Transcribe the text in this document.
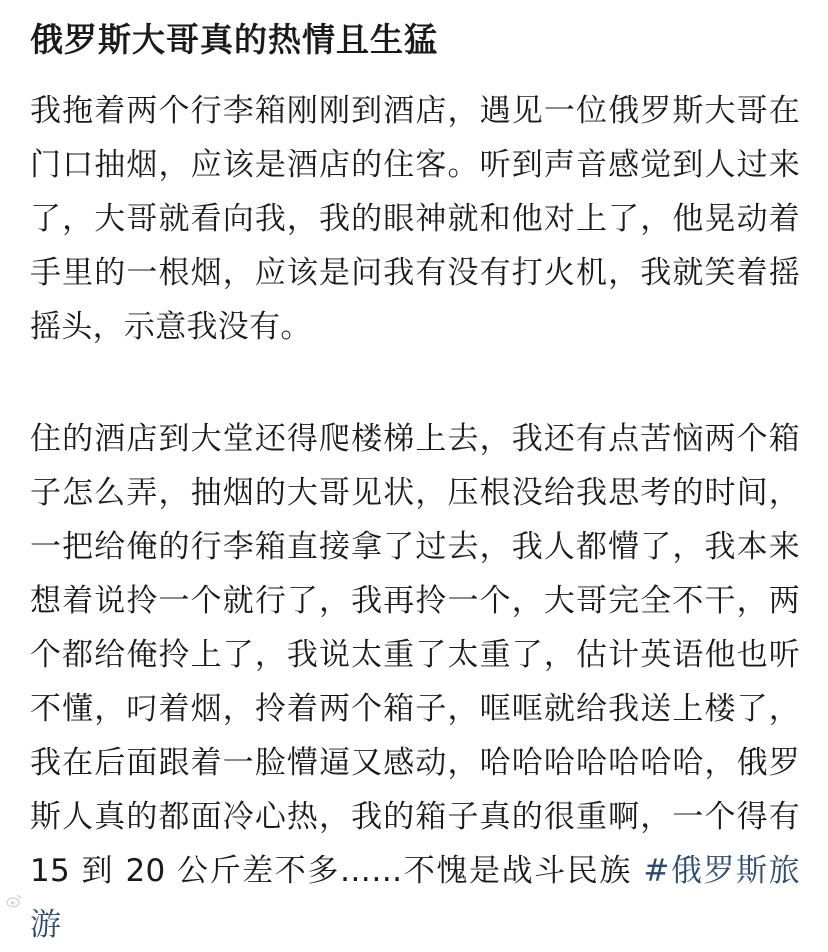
俄罗斯大哥真的热情且生猛

我拖着两个行李箱刚刚到酒店，遇见一位俄罗斯大哥在门口抽烟，应该是酒店的住客。听到声音感觉到人过来了，大哥就看向我，我的眼神就和他对上了，他晃动着手里的一根烟，应该是问我有没有打火机，我就笑着摇摇头，示意我没有。

住的酒店到大堂还得爬楼梯上去，我还有点苦恼两个箱子怎么弄，抽烟的大哥见状，压根没给我思考的时间，一把给俺的行李箱直接拿了过去，我人都懵了，我本来想着说拎一个就行了，我再拎一个，大哥完全不干，两个都给俺拎上了，我说太重了太重了，估计英语他也听不懂，叼着烟，拎着两个箱子，哐哐就给我送上楼了，我在后面跟着一脸懵逼又感动，哈哈哈哈哈哈哈，俄罗斯人真的都面冷心热，我的箱子真的很重啊，一个得有 15 到 20 公斤差不多……不愧是战斗民族 #俄罗斯旅游
